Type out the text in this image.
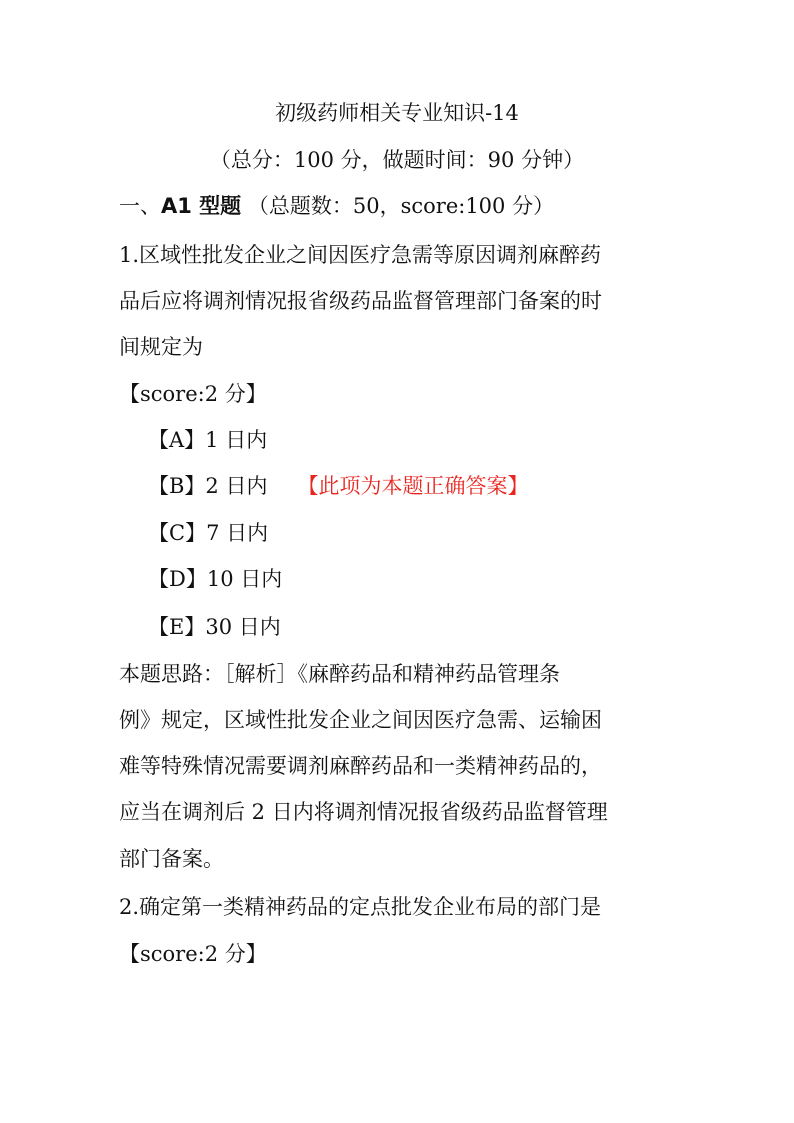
初级药师相关专业知识-14
（总分：100 分，做题时间：90 分钟）
一、A1 型题 （总题数：50，score:100 分）
1.区域性批发企业之间因医疗急需等原因调剂麻醉药
品后应将调剂情况报省级药品监督管理部门备案的时
间规定为
【score:2 分】
【A】1 日内
【B】2 日内 【此项为本题正确答案】
【C】7 日内
【D】10 日内
【E】30 日内
本题思路：［解析］《麻醉药品和精神药品管理条
例》规定，区域性批发企业之间因医疗急需、运输困
难等特殊情况需要调剂麻醉药品和一类精神药品的，
应当在调剂后 2 日内将调剂情况报省级药品监督管理
部门备案。
2.确定第一类精神药品的定点批发企业布局的部门是
【score:2 分】
